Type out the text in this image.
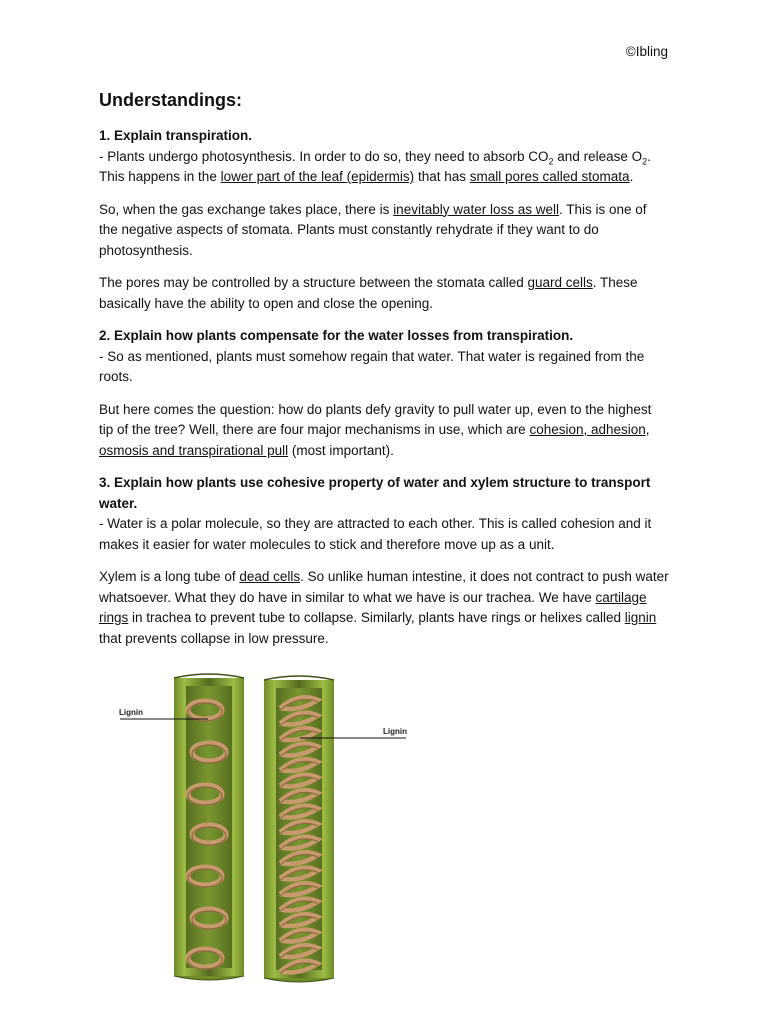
©Ibling
Understandings:

1. Explain transpiration.

- Plants undergo photosynthesis. In order to do so, they need to absorb $CO_2$ and release $O_2$. This happens in the lower part of the leaf (epidermis) that has small pores called stomata.

So, when the gas exchange takes place, there is inevitably water loss as well. This is one of the negative aspects of stomata. Plants must constantly rehydrate if they want to do photosynthesis.

The pores may be controlled by a structure between the stomata called guard cells. These basically have the ability to open and close the opening.

2. Explain how plants compensate for the water losses from transpiration.

- So as mentioned, plants must somehow regain that water. That water is regained from the roots.

But here comes the question: how do plants defy gravity to pull water up, even to the highest tip of the tree? Well, there are four major mechanisms in use, which are cohesion, adhesion, osmosis and transpirational pull (most important).

3. Explain how plants use cohesive property of water and xylem structure to transport water.

- Water is a polar molecule, so they are attracted to each other. This is called cohesion and it makes it easier for water molecules to stick and therefore move up as a unit.

Xylem is a long tube of dead cells. So unlike human intestine, it does not contract to push water whatsoever. What they do have in similar to what we have is our trachea. We have cartilage rings in trachea to prevent tube to collapse. Similarly, plants have rings or helixes called lignin that prevents collapse in low pressure.

Lignin
Lignin
